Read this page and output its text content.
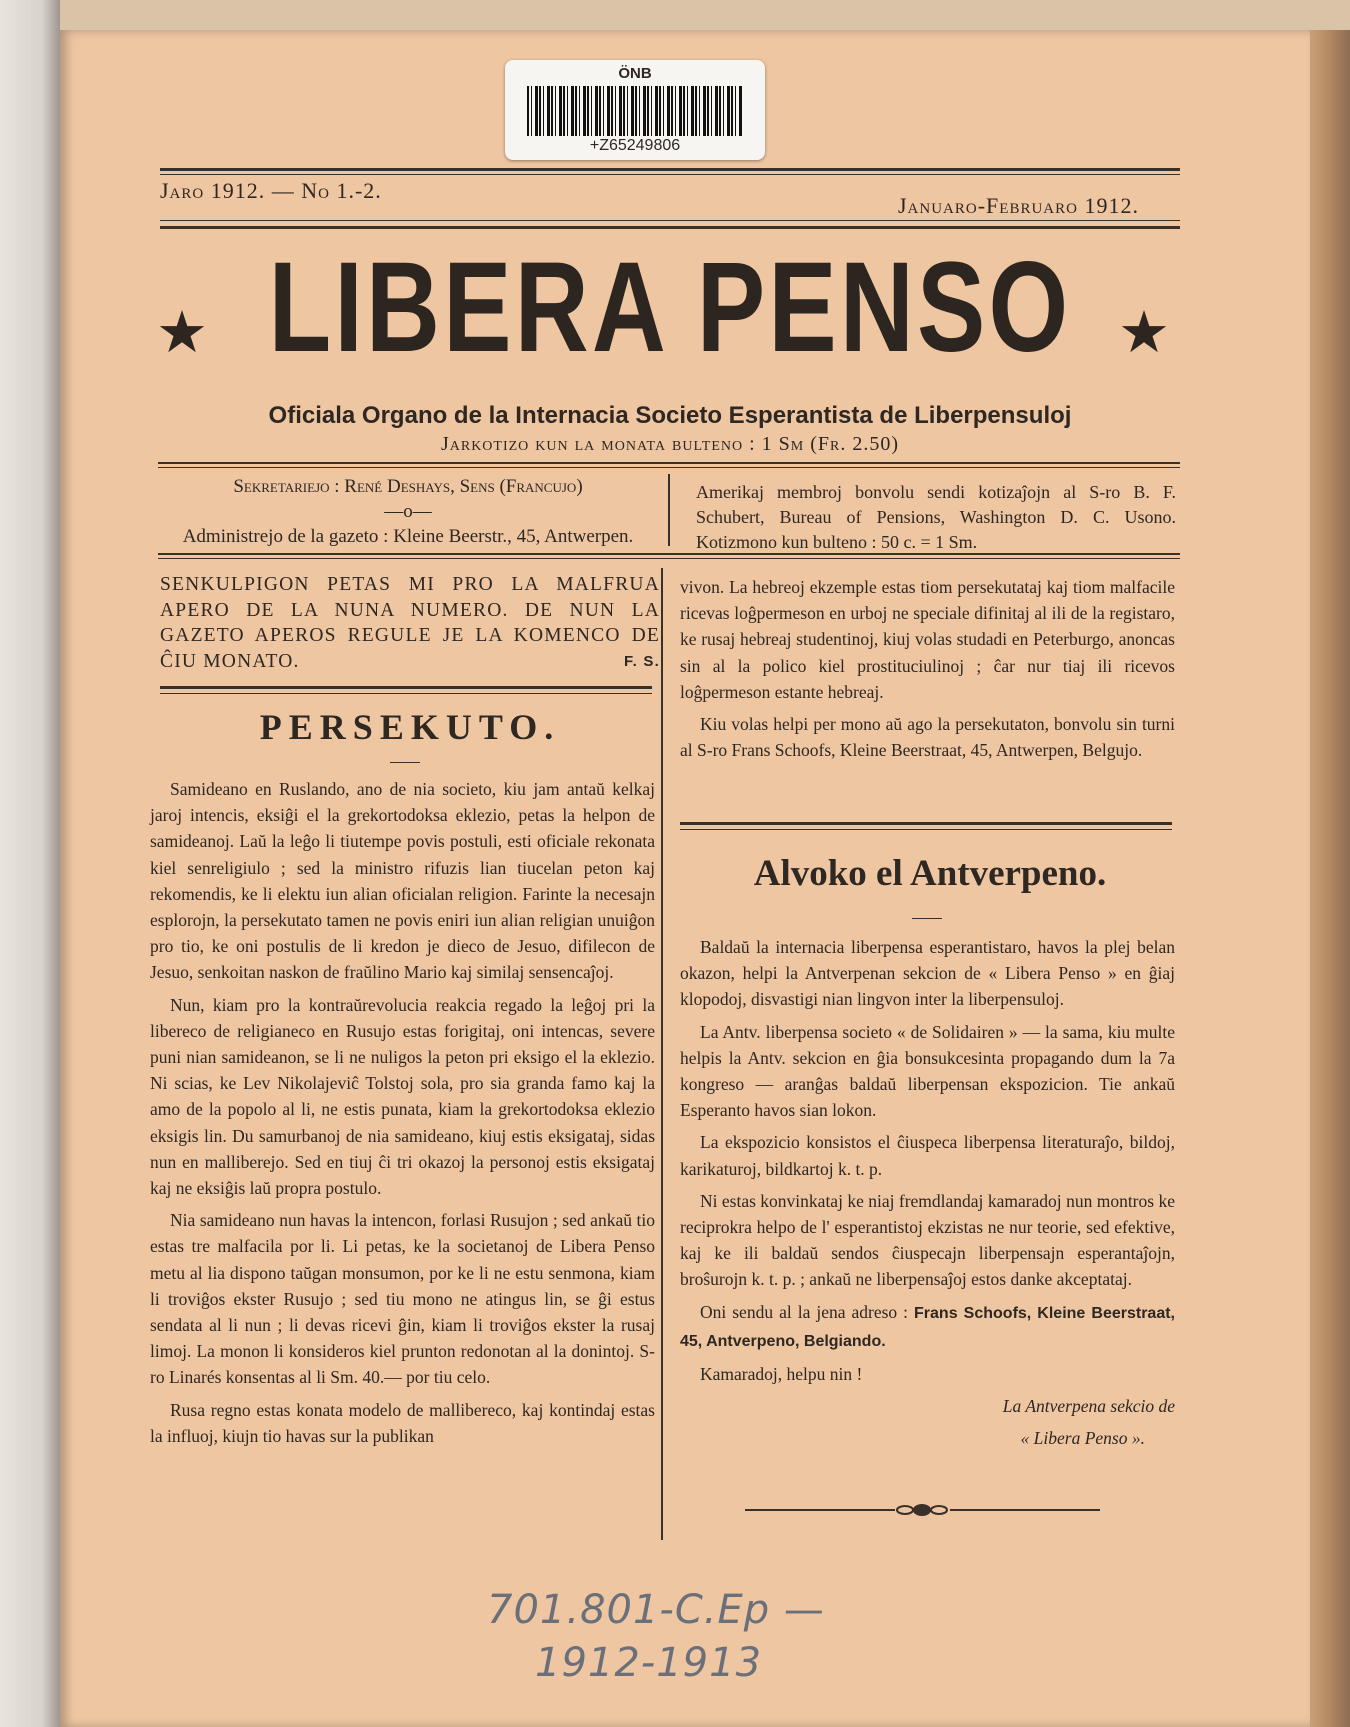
ÖNB
+Z65249806
Jaro 1912. — No 1.-2.
Januaro-Februaro 1912.
★ LIBERA PENSO ★
Oficiala Organo de la Internacia Societo Esperantista de Liberpensuloj
Jarkotizo kun la monata bulteno : 1 Sm (Fr. 2.50)
Sekretariejo : René Deshays, Sens (Francujo)
—o—
Administrejo de la gazeto : Kleine Beerstr., 45, Antwerpen.
Amerikaj membroj bonvolu sendi kotizaĵojn al S-ro B. F. Schubert, Bureau of Pensions, Washington D. C. Usono. Kotizmono kun bulteno : 50 c. = 1 Sm.
SENKULPIGON PETAS MI PRO LA MALFRUA APERO DE LA NUNA NUMERO. DE NUN LA GAZETO APEROS REGULE JE LA KOMENCO DE ĈIU MONATO.	F. S.
PERSEKUTO.

Samideano en Ruslando, ano de nia societo, kiu jam antaŭ kelkaj jaroj intencis, eksiĝi el la grekortodoksa eklezio, petas la helpon de samideanoj. Laŭ la leĝo li tiutempe povis postuli, esti oficiale rekonata kiel senreligiulo ; sed la ministro rifuzis lian tiucelan peton kaj rekomendis, ke li elektu iun alian oficialan religion. Farinte la necesajn esplorojn, la persekutato tamen ne povis eniri iun alian religian unuiĝon pro tio, ke oni postulis de li kredon je dieco de Jesuo, difilecon de Jesuo, senkoitan naskon de fraŭlino Mario kaj similaj sensencaĵoj.

Nun, kiam pro la kontraŭrevolucia reakcia regado la leĝoj pri la libereco de religianeco en Rusujo estas forigitaj, oni intencas, severe puni nian samideanon, se li ne nuligos la peton pri eksigo el la eklezio. Ni scias, ke Lev Nikolajeviĉ Tolstoj sola, pro sia granda famo kaj la amo de la popolo al li, ne estis punata, kiam la grekortodoksa eklezio eksigis lin. Du samurbanoj de nia samideano, kiuj estis eksigataj, sidas nun en malliberejo. Sed en tiuj ĉi tri okazoj la personoj estis eksigataj kaj ne eksiĝis laŭ propra postulo.

Nia samideano nun havas la intencon, forlasi Rusujon ; sed ankaŭ tio estas tre malfacila por li. Li petas, ke la societanoj de Libera Penso metu al lia dispono taŭgan monsumon, por ke li ne estu senmona, kiam li troviĝos ekster Rusujo ; sed tiu mono ne atingus lin, se ĝi estus sendata al li nun ; li devas ricevi ĝin, kiam li troviĝos ekster la rusaj limoj. La monon li konsideros kiel prunton redonotan al la donintoj. S-ro Linarés konsentas al li Sm. 40.— por tiu celo.

Rusa regno estas konata modelo de mallibereco, kaj kontindaj estas la influoj, kiujn tio havas sur la publikan

vivon. La hebreoj ekzemple estas tiom persekutataj kaj tiom malfacile ricevas loĝpermeson en urboj ne speciale difinitaj al ili de la registaro, ke rusaj hebreaj studentinoj, kiuj volas studadi en Peterburgo, anoncas sin al la polico kiel prostituciulinoj ; ĉar nur tiaj ili ricevos loĝpermeson estante hebreaj.

Kiu volas helpi per mono aŭ ago la persekutaton, bonvolu sin turni al S-ro Frans Schoofs, Kleine Beerstraat, 45, Antwerpen, Belgujo.

Alvoko el Antverpeno.

Baldaŭ la internacia liberpensa esperantistaro, havos la plej belan okazon, helpi la Antverpenan sekcion de « Libera Penso » en ĝiaj klopodoj, disvastigi nian lingvon inter la liberpensuloj.

La Antv. liberpensa societo « de Solidairen » — la sama, kiu multe helpis la Antv. sekcion en ĝia bonsukcesinta propagando dum la 7a kongreso — aranĝas baldaŭ liberpensan ekspozicion. Tie ankaŭ Esperanto havos sian lokon.

La ekspozicio konsistos el ĉiuspeca liberpensa literaturaĵo, bildoj, karikaturoj, bildkartoj k. t. p.

Ni estas konvinkataj ke niaj fremdlandaj kamaradoj nun montros ke reciprokra helpo de l' esperantistoj ekzistas ne nur teorie, sed efektive, kaj ke ili baldaŭ sendos ĉiuspecajn liberpensajn esperantaĵojn, broŝurojn k. t. p. ; ankaŭ ne liberpensaĵoj estos danke akceptataj.

Oni sendu al la jena adreso : Frans Schoofs, Kleine Beerstraat, 45, Antverpeno, Belgiando.

Kamaradoj, helpu nin !

La Antverpena sekcio de

« Libera Penso ».

701.801-C.Ep —
1912-1913
